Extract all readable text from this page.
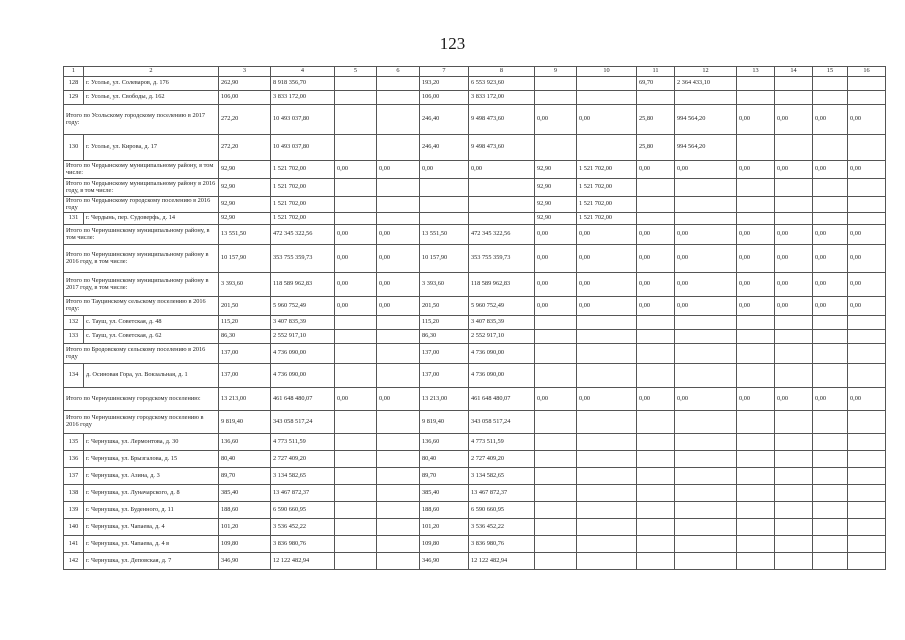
123
1	2	3	4	5	6	7	8	9	10	11	12	13	14	15	16
128	г. Усолье, ул. Солеваров, д. 176	262,90	8 918 356,70			193,20	6 553 923,60			69,70	2 364 433,10				
129	г. Усолье, ул. Свободы, д. 162	106,00	3 833 172,00			106,00	3 833 172,00								
Итого по Усольскому городскому поселению в 2017 году:		272,20	10 493 037,80			246,40	9 498 473,60	0,00	0,00	25,80	994 564,20	0,00	0,00	0,00	0,00
130	г. Усолье, ул. Кирова, д. 17	272,20	10 493 037,80			246,40	9 498 473,60			25,80	994 564,20				
Итого по Чердынскому муниципальному району, в том числе:		92,90	1 521 702,00	0,00	0,00	0,00	0,00	92,90	1 521 702,00	0,00	0,00	0,00	0,00	0,00	0,00
Итого по Чердынскому муниципальному району в 2016 году, в том числе:		92,90	1 521 702,00					92,90	1 521 702,00						
Итого по Чердынскому городскому поселению в 2016 году		92,90	1 521 702,00					92,90	1 521 702,00						
131	г. Чердынь, пер. Судоверфь, д. 14	92,90	1 521 702,00					92,90	1 521 702,00						
Итого по Чернушинскому муниципальному району, в том числе:		13 551,50	472 345 322,56	0,00	0,00	13 551,50	472 345 322,56	0,00	0,00	0,00	0,00	0,00	0,00	0,00	0,00
Итого по Чернушинскому муниципальному району в 2016 году, в том числе:		10 157,90	353 755 359,73	0,00	0,00	10 157,90	353 755 359,73	0,00	0,00	0,00	0,00	0,00	0,00	0,00	0,00
Итого по Чернушинскому муниципальному району в 2017 году, в том числе:		3 393,60	118 589 962,83	0,00	0,00	3 393,60	118 589 962,83	0,00	0,00	0,00	0,00	0,00	0,00	0,00	0,00
Итого по Тауцинскому сельскому поселению в 2016 году:		201,50	5 960 752,49	0,00	0,00	201,50	5 960 752,49	0,00	0,00	0,00	0,00	0,00	0,00	0,00	0,00
132	с. Тауш, ул. Советская, д. 48	115,20	3 407 835,39			115,20	3 407 835,39								
133	с. Тауш, ул. Советская, д. 62	86,30	2 552 917,10			86,30	2 552 917,10								
Итого по Бродовскому сельскому поселению в 2016 году		137,00	4 736 090,00			137,00	4 736 090,00								
134	д. Осиновая Гора, ул. Вокзальная, д. 1	137,00	4 736 090,00			137,00	4 736 090,00								
Итого по Чернушинскому городскому поселению:		13 213,00	461 648 480,07	0,00	0,00	13 213,00	461 648 480,07	0,00	0,00	0,00	0,00	0,00	0,00	0,00	0,00
Итого по Чернушинскому городскому поселению в 2016 году		9 819,40	343 058 517,24			9 819,40	343 058 517,24								
135	г. Чернушка, ул. Лермонтова, д. 30	136,60	4 773 511,59			136,60	4 773 511,59								
136	г. Чернушка, ул. Брызгалова, д. 15	80,40	2 727 409,20			80,40	2 727 409,20								
137	г. Чернушка, ул. Азина, д. 3	89,70	3 134 582,65			89,70	3 134 582,65								
138	г. Чернушка, ул. Луначарского, д. 8	385,40	13 467 872,37			385,40	13 467 872,37								
139	г. Чернушка, ул. Буденного, д. 11	188,60	6 590 660,95			188,60	6 590 660,95								
140	г. Чернушка, ул. Чапаева, д. 4	101,20	3 536 452,22			101,20	3 536 452,22								
141	г. Чернушка, ул. Чапаева, д. 4 в	109,80	3 836 980,76			109,80	3 836 980,76								
142	г. Чернушка, ул. Деповская, д. 7	346,90	12 122 482,94			346,90	12 122 482,94								
